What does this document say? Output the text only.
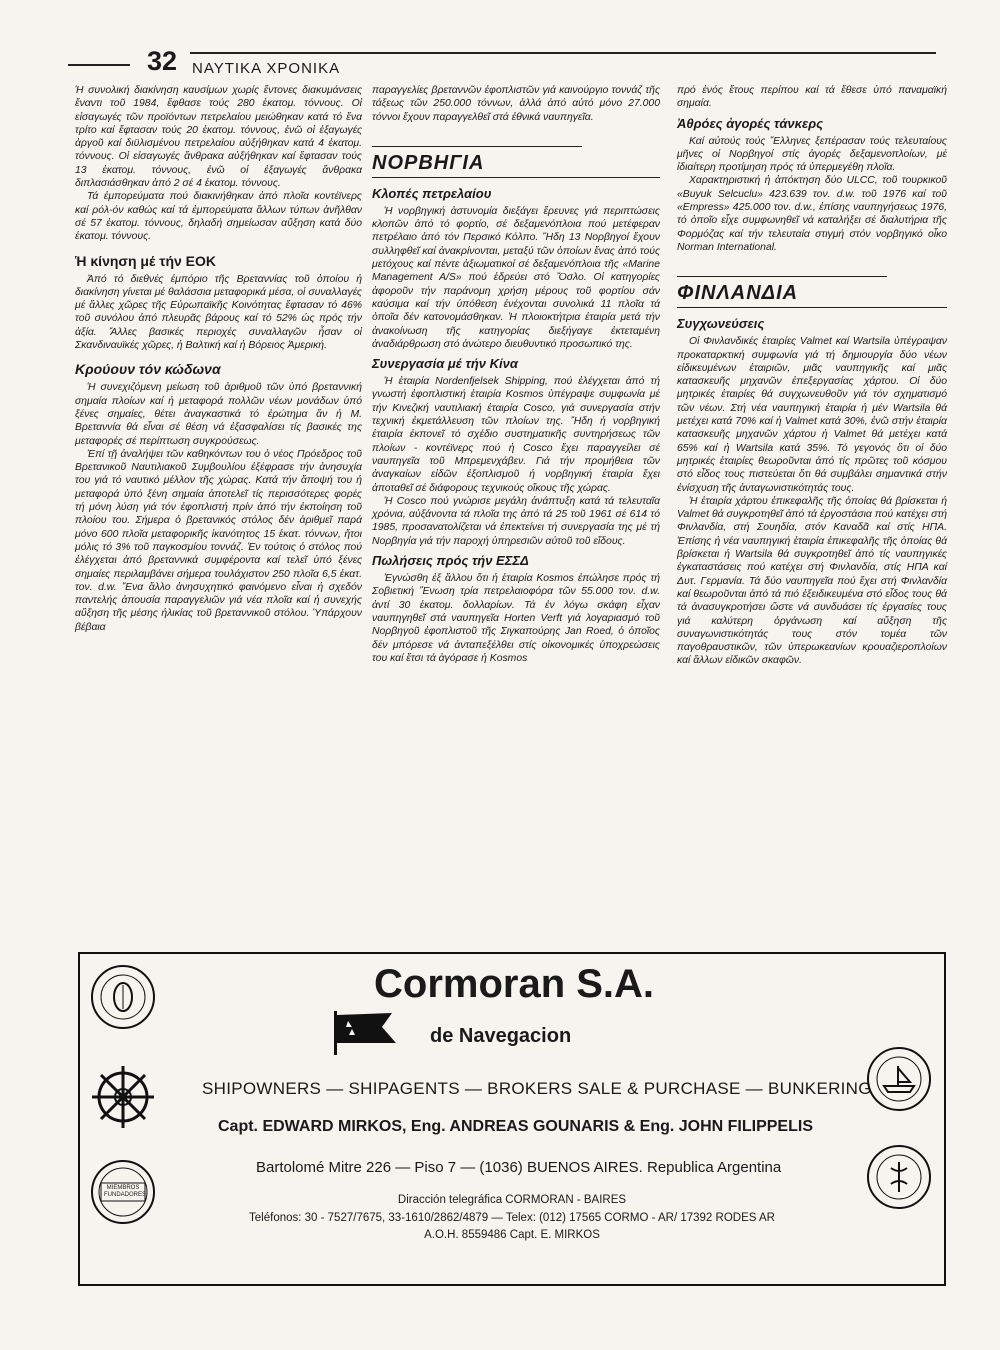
32 ΝΑΥΤΙΚΑ ΧΡΟΝΙΚΑ

Ἡ συνολική διακίνηση καυσίμων χωρίς ἔντονες διακυμάνσεις ἔναντι τοῦ 1984, ἔφθασε τούς 280 ἑκατομ. τόννους. Οἱ εἰσαγωγές τῶν προϊόντων πετρελαίου μειώθηκαν κατά τό ἕνα τρίτο καί ἔφτασαν τούς 20 ἑκατομ. τόννους, ἐνῶ οἱ ἐξαγωγές ἀργοῦ καί διϋλισμένου πετρελαίου αὐξήθηκαν κατά 4 ἑκατομ. τόννους. Οἱ εἰσαγωγές ἄνθρακα αὐξήθηκαν καί ἔφτασαν τούς 13 ἑκατομ. τόννους, ἐνῶ οἱ ἐξαγωγές ἄνθρακα διπλασιάσθηκαν ἀπό 2 σέ 4 ἑκατομ. τόννους.

Τά ἐμπορεύματα πού διακινήθηκαν ἀπό πλοῖα κοντέϊνερς καί ρόλ-όν καθώς καί τά ἐμπορεύματα ἄλλων τύπων ἀνῆλθαν σέ 57 ἑκατομ. τόννους, δηλαδή σημείωσαν αὔξηση κατά δύο ἑκατομ. τόννους.

Ἡ κίνηση μέ τήν ΕΟΚ

Ἀπό τό διεθνές ἐμπόριο τῆς Βρεταννίας τοῦ ὁποίου ἡ διακίνηση γίνεται μέ θαλάσσια μεταφορικά μέσα, οἱ συναλλαγές μέ ἄλλες χῶρες τῆς Εὐρωπαϊκῆς Κοινότητας ἔφτασαν τό 46% τοῦ συνόλου ἀπό πλευρᾶς βάρους καί τό 52% ὡς πρός τήν ἀξία. Ἄλλες βασικές περιοχές συναλλαγῶν ἦσαν οἱ Σκανδιναυϊκές χῶρες, ἡ Βαλτική καί ἡ Βόρειος Ἀμερική.

Κρούουν τόν κώδωνα

Ἡ συνεχιζόμενη μείωση τοῦ ἀριθμοῦ τῶν ὑπό βρεταννική σημαία πλοίων καί ἡ μεταφορά πολλῶν νέων μονάδων ὑπό ξένες σημαίες, θέτει ἀναγκαστικά τό ἐρώτημα ἄν ἡ Μ. Βρεταννία θά εἶναι σέ θέση νά ἐξασφαλίσει τίς βασικές της μεταφορές σέ περίπτωση συγκρούσεως.

Ἐπί τῇ ἀναλήψει τῶν καθηκόντων του ὁ νέος Πρόεδρος τοῦ Βρετανικοῦ Ναυτιλιακοῦ Συμβουλίου ἐξέφρασε τήν ἀνησυχία του γιά τό ναυτικό μέλλον τῆς χώρας. Κατά τήν ἄποψή του ἡ μεταφορά ὑπό ξένη σημαία ἀποτελεῖ τίς περισσότερες φορές τή μόνη λύση γιά τόν ἐφοπλιστή πρίν ἀπό τήν ἐκποίηση τοῦ πλοίου του. Σήμερα ὁ βρετανικός στόλος δέν ἀριθμεῖ παρά μόνο 600 πλοῖα μεταφορικῆς ἱκανότητος 15 ἑκατ. τόννων, ἤτοι μόλις τό 3% τοῦ παγκοσμίου τοννάζ. Ἐν τούτοις ὁ στόλος πού ἐλέγχεται ἀπό βρεταννικά συμφέροντα καί τελεῖ ὑπό ξένες σημαίες περιλαμβάνει σήμερα τουλάχιστον 250 πλοῖα 6,5 ἑκατ. τον. d.w. Ἕνα ἄλλο ἀνησυχητικό φαινόμενο εἶναι ἡ σχεδόν παντελής ἀπουσία παραγγελιῶν γιά νέα πλοῖα καί ἡ συνεχής αὔξηση τῆς μέσης ἡλικίας τοῦ βρεταννικοῦ στόλου. Ὑπάρχουν βέβαια

παραγγελίες βρεταννῶν ἐφοπλιστῶν γιά καινούργιο τοννάζ τῆς τάξεως τῶν 250.000 τόννων, ἀλλά ἀπό αὐτό μόνο 27.000 τόννοι ἔχουν παραγγελθεῖ στά ἐθνικά ναυπηγεῖα.

ΝΟΡΒΗΓΙΑ
Κλοπές πετρελαίου

Ἡ νορβηγική ἀστυνομία διεξάγει ἔρευνες γιά περιπτώσεις κλοπῶν ἀπό τό φορτίο, σέ δεξαμενόπλοια πού μετέφεραν πετρέλαιο ἀπό τόν Περσικό Κόλπο. Ἤδη 13 Νορβηγοί ἔχουν συλληφθεῖ καί ἀνακρίνονται, μεταξύ τῶν ὁποίων ἕνας ἀπό τούς μετόχους καί πέντε ἀξιωματικοί σέ δεξαμενόπλοια τῆς «Marine Management A/S» πού ἑδρεύει στό Ὄσλο. Οἱ κατηγορίες ἀφοροῦν τήν παράνομη χρήση μέρους τοῦ φορτίου σάν καύσιμα καί τήν ὑπόθεση ἐνέχονται συνολικά 11 πλοῖα τά ὁποῖα δέν κατονομάσθηκαν. Ἡ πλοιοκτήτρια ἑταιρία μετά τήν ἀνακοίνωση τῆς κατηγορίας διεξήγαγε ἐκτεταμένη ἀναδιάρθρωση στό ἀνώτερο διευθυντικό προσωπικό της.

Συνεργασία μέ τήν Κίνα

Ἡ ἑταιρία Nordenfjelsek Shipping, πού ἐλέγχεται ἀπό τή γνωστή ἐφοπλιστική ἑταιρία Kosmos ὑπέγραψε συμφωνία μέ τήν Κινεζική ναυτιλιακή ἑταιρία Cosco, γιά συνεργασία στήν τεχνική ἐκμετάλλευση τῶν πλοίων της. Ἤδη ἡ νορβηγική ἑταιρία ἐκπονεῖ τό σχέδιο συστηματικῆς συντηρήσεως τῶν πλοίων - κοντέϊνερς πού ἡ Cosco ἔχει παραγγείλει σέ ναυπηγεῖα τοῦ Μπρεμενχάβεν. Γιά τήν προμήθεια τῶν ἀναγκαίων εἰδῶν ἐξοπλισμοῦ ἡ νορβηγική ἑταιρία ἔχει ἀποταθεῖ σέ διάφορους τεχνικούς οἴκους τῆς χώρας.

Ἡ Cosco πού γνώρισε μεγάλη ἀνάπτυξη κατά τά τελευταῖα χρόνια, αὐξάνοντα τά πλοῖα της ἀπό τά 25 τοῦ 1961 σέ 614 τό 1985, προσανατολίζεται νά ἐπεκτείνει τή συνεργασία της μέ τή Νορβηγία γιά τήν παροχή ὑπηρεσιῶν αὐτοῦ τοῦ εἴδους.

Πωλήσεις πρός τήν ΕΣΣΔ

Ἐγνώσθη ἐξ ἄλλου ὅτι ἡ ἑταιρία Kosmos ἐπώλησε πρός τή Σοβιετική Ἕνωση τρία πετρελαιοφόρα τῶν 55.000 τον. d.w. ἀντί 30 ἑκατομ. δολλαρίων. Τά ἐν λόγω σκάφη εἶχαν ναυπηγηθεῖ στά ναυπηγεῖα Horten Verft γιά λογαριασμό τοῦ Νορβηγοῦ ἐφοπλιστοῦ τῆς Σιγκαπούρης Jan Roed, ὁ ὁποῖος δέν μπόρεσε νά ἀνταπεξέλθει στίς οἰκονομικές ὑποχρεώσεις του καί ἔτσι τά ἀγόρασε ἡ Kosmos

πρό ἑνός ἔτους περίπου καί τά ἔθεσε ὑπό παναμαϊκή σημαία.

Ἀθρόες ἀγορές τάνκερς

Καί αὐτούς τούς Ἕλληνες ξεπέρασαν τούς τελευταίους μῆνες οἱ Νορβηγοί στίς ἀγορές δεξαμενοπλοίων, μέ ἰδιαίτερη προτίμηση πρός τά ὑπερμεγέθη πλοῖα.

Χαρακτηριστική ἡ ἀπόκτηση δύο ULCC, τοῦ τουρκικοῦ «Buyuk Selcuclu» 423.639 τον. d.w. τοῦ 1976 καί τοῦ «Empress» 425.000 τον. d.w., ἐπίσης ναυπηγήσεως 1976, τό ὁποῖο εἶχε συμφωνηθεῖ νά καταλήξει σέ διαλυτήρια τῆς Φορμόζας καί τήν τελευταία στιγμή στόν νορβηγικό οἶκο Norman International.

ΦΙΝΛΑΝΔΙΑ
Συγχωνεύσεις

Οἱ Φινλανδικές ἑταιρίες Valmet καί Wartsila ὑπέγραψαν προκαταρκτική συμφωνία γιά τή δημιουργία δύο νέων εἰδικευμένων ἑταιριῶν, μιᾶς ναυπηγικῆς καί μιᾶς κατασκευῆς μηχανῶν ἐπεξεργασίας χάρτου. Οἱ δύο μητρικές ἑταιρίες θά συγχωνευθοῦν γιά τόν σχηματισμό τῶν νέων. Στή νέα ναυπηγική ἑταιρία ἡ μέν Wartsila θά μετέχει κατά 70% καί ἡ Valmet κατά 30%, ἐνῶ στήν ἑταιρία κατασκευῆς μηχανῶν χάρτου ἡ Valmet θά μετέχει κατά 65% καί ἡ Wartsila κατά 35%. Τό γεγονός ὅτι οἱ δύο μητρικές ἑταιρίες θεωροῦνται ἀπό τίς πρῶτες τοῦ κόσμου στό εἶδος τους πιστεύεται ὅτι θά συμβάλει σημαντικά στήν ἐνίσχυση τῆς ἀνταγωνιστικότητάς τους.

Ἡ ἑταιρία χάρτου ἐπικεφαλῆς τῆς ὁποίας θά βρίσκεται ἡ Valmet θά συγκροτηθεῖ ἀπό τά ἐργοστάσια πού κατέχει στή Φινλανδία, στή Σουηδία, στόν Καναδᾶ καί στίς ΗΠΑ. Ἐπίσης ἡ νέα ναυπηγική ἑταιρία ἐπικεφαλῆς τῆς ὁποίας θά βρίσκεται ἡ Wartsila θά συγκροτηθεῖ ἀπό τίς ναυπηγικές ἐγκαταστάσεις πού κατέχει στή Φινλανδία, στίς ΗΠΑ καί Δυτ. Γερμανία. Τά δύο ναυπηγεῖα πού ἔχει στή Φινλανδία καί θεωροῦνται ἀπό τά πιό ἐξειδικευμένα στό εἶδος τους θά τά ἀνασυγκροτήσει ὥστε νά συνδυάσει τίς ἐργασίες τους γιά καλύτερη ὀργάνωση καί αὔξηση τῆς συναγωνιστικότητάς τους στόν τομέα τῶν παγοθραυστικῶν, τῶν ὑπερωκεανίων κρουαζιεροπλοίων καί ἄλλων εἰδικῶν σκαφῶν.

Cormoran S.A.
de Navegacion
SHIPOWNERS — SHIPAGENTS — BROKERS SALE & PURCHASE — BUNKERING
Capt. EDWARD MIRKOS, Eng. ANDREAS GOUNARIS & Eng. JOHN FILIPPELIS
Bartolomé Mitre 226 — Piso 7 — (1036) BUENOS AIRES. Republica Argentina
Diracción telegráfica CORMORAN - BAIRES
Teléfonos: 30 - 7527/7675, 33-1610/2862/4879 — Telex: (012) 17565 CORMO - AR/ 17392 RODES AR
A.O.H. 8559486 Capt. E. MIRKOS
MIEMBROS FUNDADORES
